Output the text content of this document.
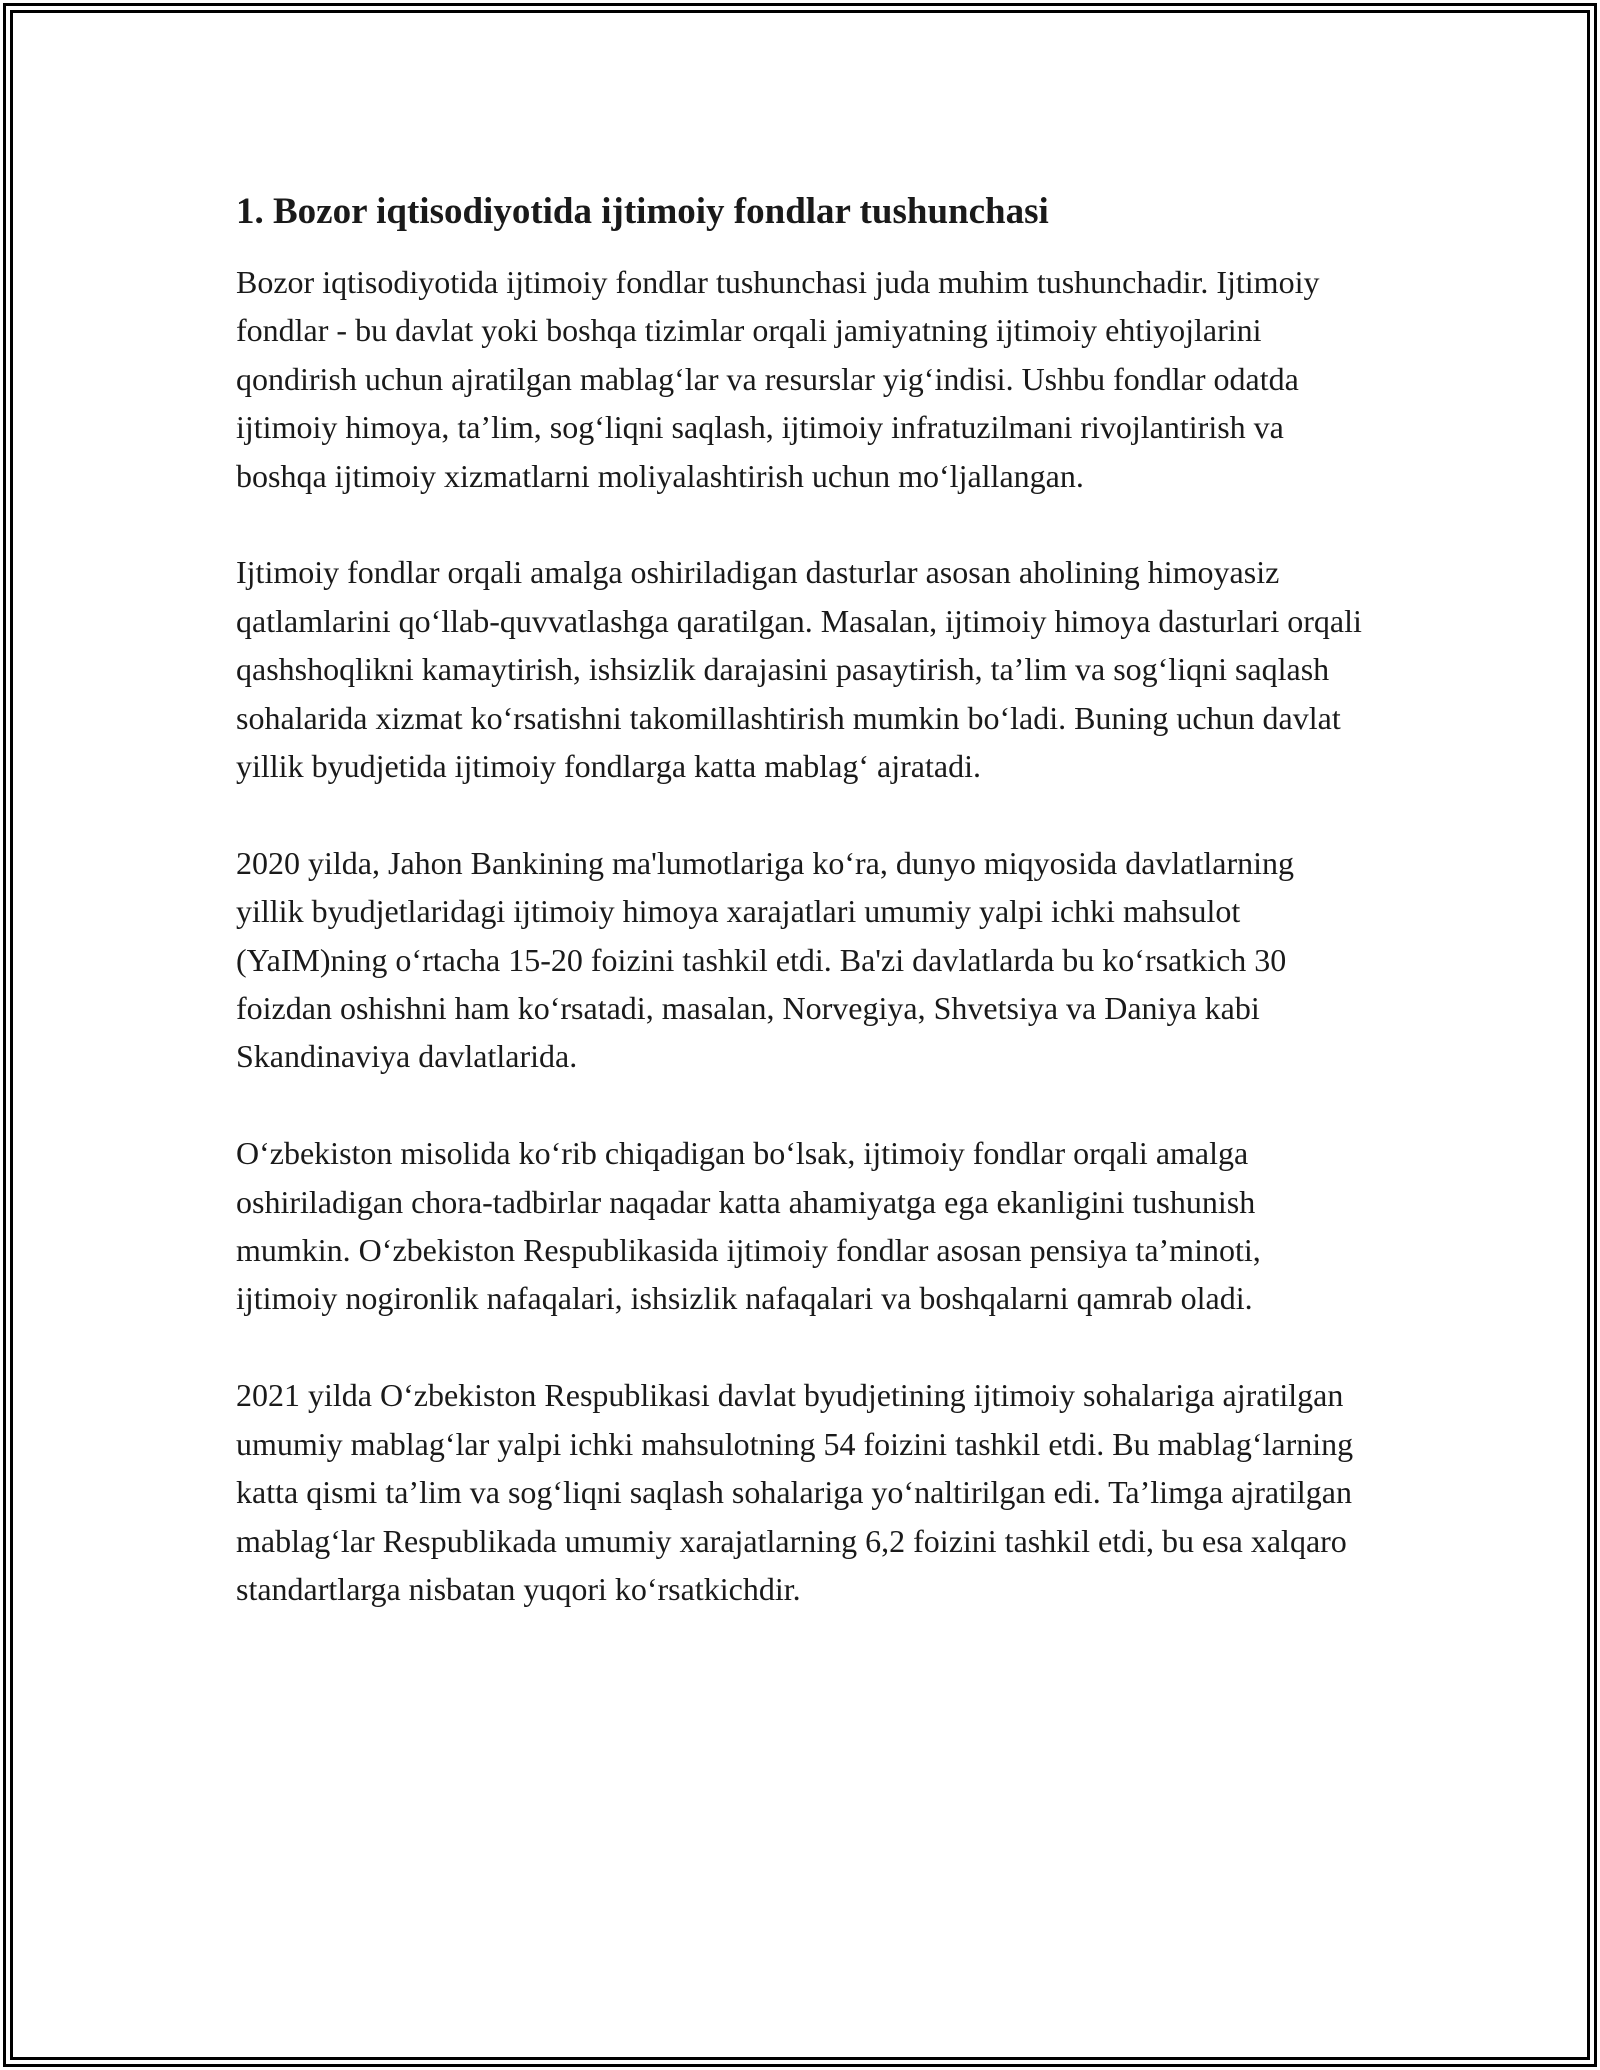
1. Bozor iqtisodiyotida ijtimoiy fondlar tushunchasi

Bozor iqtisodiyotida ijtimoiy fondlar tushunchasi juda muhim tushunchadir. Ijtimoiy fondlar - bu davlat yoki boshqa tizimlar orqali jamiyatning ijtimoiy ehtiyojlarini qondirish uchun ajratilgan mablag‘lar va resurslar yig‘indisi. Ushbu fondlar odatda ijtimoiy himoya, ta’lim, sog‘liqni saqlash, ijtimoiy infratuzilmani rivojlantirish va boshqa ijtimoiy xizmatlarni moliyalashtirish uchun mo‘ljallangan.

Ijtimoiy fondlar orqali amalga oshiriladigan dasturlar asosan aholining himoyasiz qatlamlarini qo‘llab-quvvatlashga qaratilgan. Masalan, ijtimoiy himoya dasturlari orqali qashshoqlikni kamaytirish, ishsizlik darajasini pasaytirish, ta’lim va sog‘liqni saqlash sohalarida xizmat ko‘rsatishni takomillashtirish mumkin bo‘ladi. Buning uchun davlat yillik byudjetida ijtimoiy fondlarga katta mablag‘ ajratadi.

2020 yilda, Jahon Bankining ma'lumotlariga ko‘ra, dunyo miqyosida davlatlarning yillik byudjetlaridagi ijtimoiy himoya xarajatlari umumiy yalpi ichki mahsulot (YaIM)ning o‘rtacha 15-20 foizini tashkil etdi. Ba'zi davlatlarda bu ko‘rsatkich 30 foizdan oshishni ham ko‘rsatadi, masalan, Norvegiya, Shvetsiya va Daniya kabi Skandinaviya davlatlarida.

O‘zbekiston misolida ko‘rib chiqadigan bo‘lsak, ijtimoiy fondlar orqali amalga oshiriladigan chora-tadbirlar naqadar katta ahamiyatga ega ekanligini tushunish mumkin. O‘zbekiston Respublikasida ijtimoiy fondlar asosan pensiya ta’minoti, ijtimoiy nogironlik nafaqalari, ishsizlik nafaqalari va boshqalarni qamrab oladi.

2021 yilda O‘zbekiston Respublikasi davlat byudjetining ijtimoiy sohalariga ajratilgan umumiy mablag‘lar yalpi ichki mahsulotning 54 foizini tashkil etdi. Bu mablag‘larning katta qismi ta’lim va sog‘liqni saqlash sohalariga yo‘naltirilgan edi. Ta’limga ajratilgan mablag‘lar Respublikada umumiy xarajatlarning 6,2 foizini tashkil etdi, bu esa xalqaro standartlarga nisbatan yuqori ko‘rsatkichdir.
